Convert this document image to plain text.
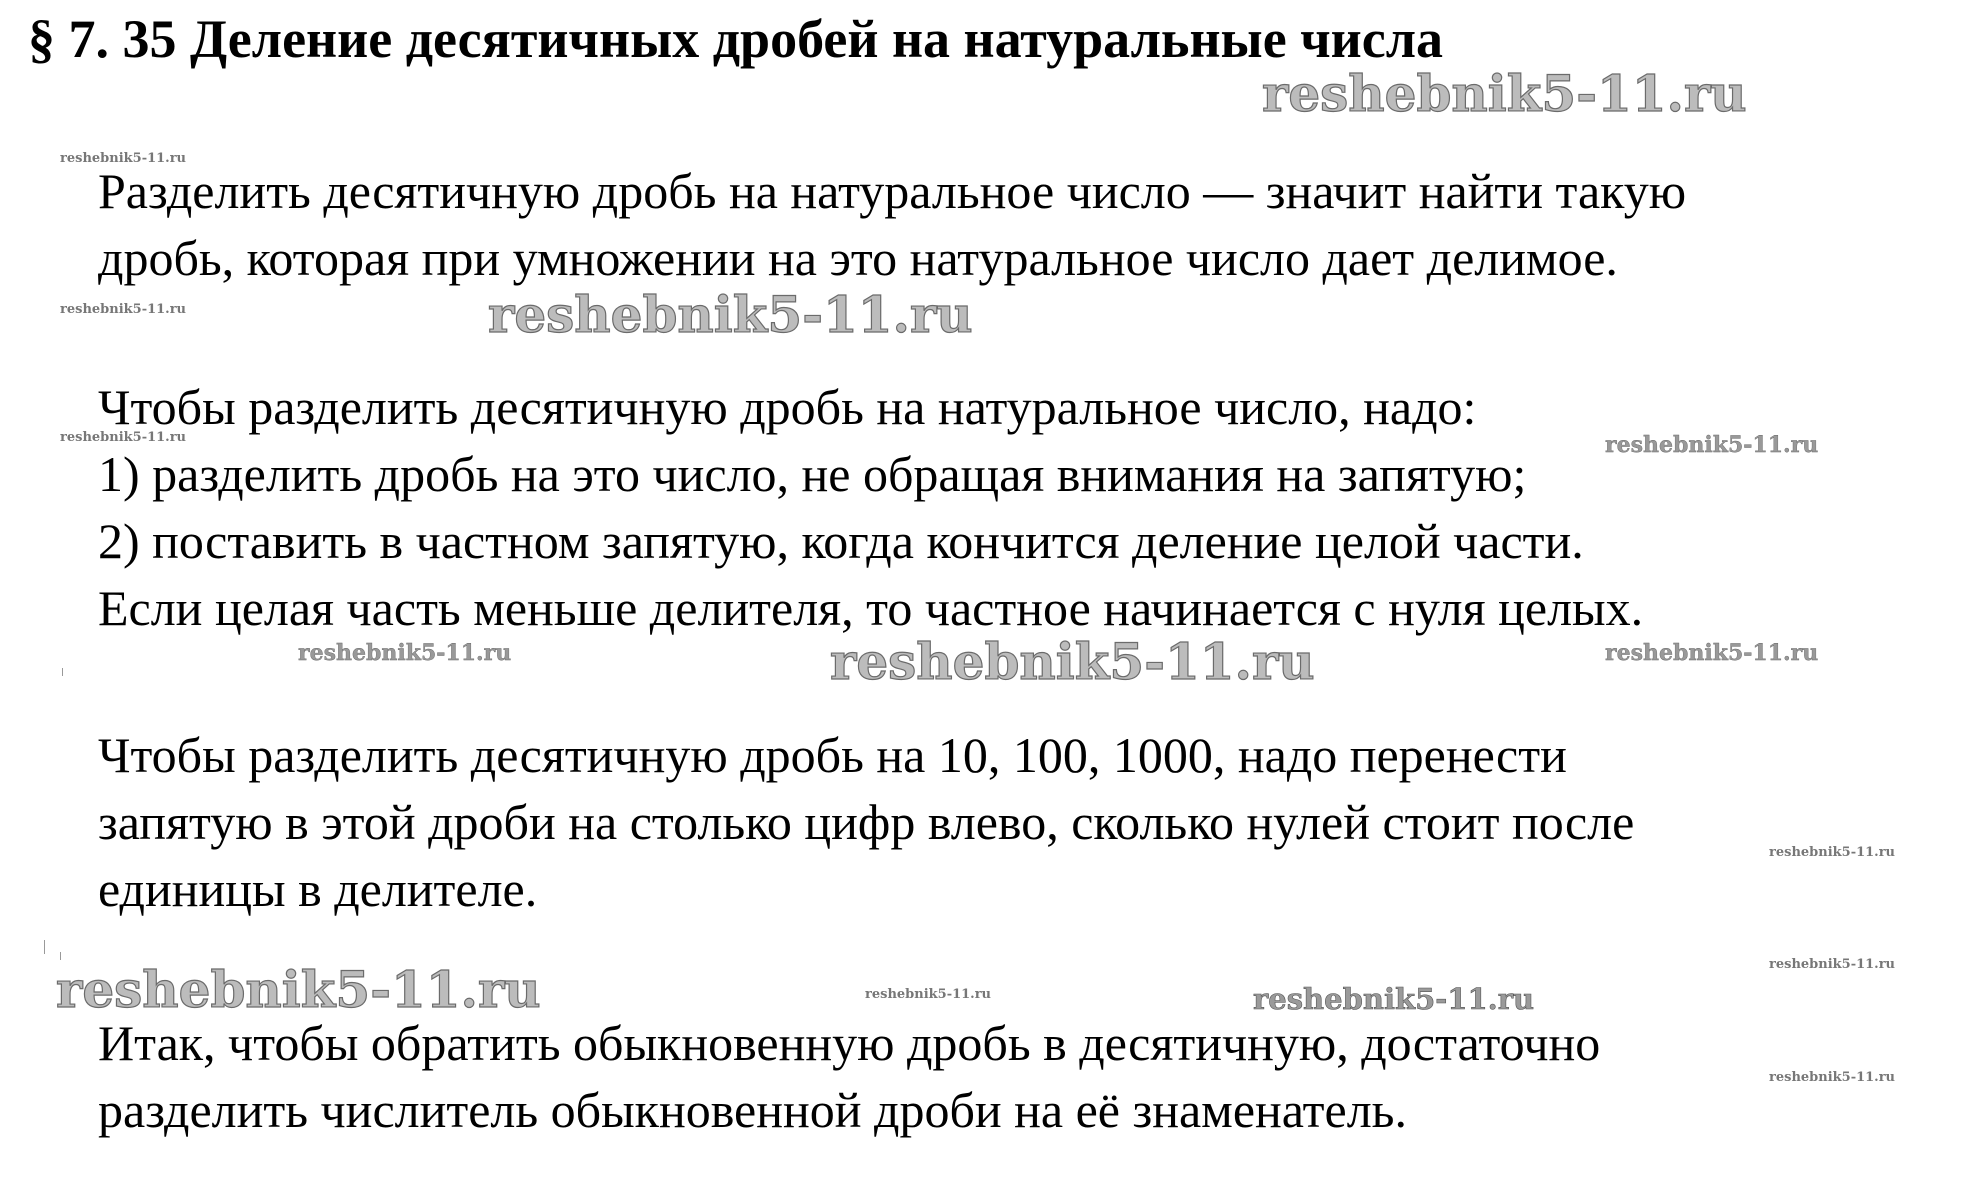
§ 7. 35 Деление десятичных дробей на натуральные числа
reshebnik5-11.ru
reshebnik5-11.ru
reshebnik5-11.ru	reshebnik5-11.ru
reshebnik5-11.ru	reshebnik5-11.ru
reshebnik5-11.ru	reshebnik5-11.ru	reshebnik5-11.ru
reshebnik5-11.ru
reshebnik5-11.ru	reshebnik5-11.ru	reshebnik5-11.ru
reshebnik5-11.ru
reshebnik5-11.ru

Разделить десятичную дробь на натуральное число — значит найти такую

дробь, которая при умножении на это натуральное число дает делимое.

Чтобы разделить десятичную дробь на натуральное число, надо:

1) разделить дробь на это число, не обращая внимания на запятую;

2) поставить в частном запятую, когда кончится деление целой части.

Если целая часть меньше делителя, то частное начинается с нуля целых.

Чтобы разделить десятичную дробь на 10, 100, 1000, надо перенести

запятую в этой дроби на столько цифр влево, сколько нулей стоит после

единицы в делителе.

Итак, чтобы обратить обыкновенную дробь в десятичную, достаточно

разделить числитель обыкновенной дроби на её знаменатель.
